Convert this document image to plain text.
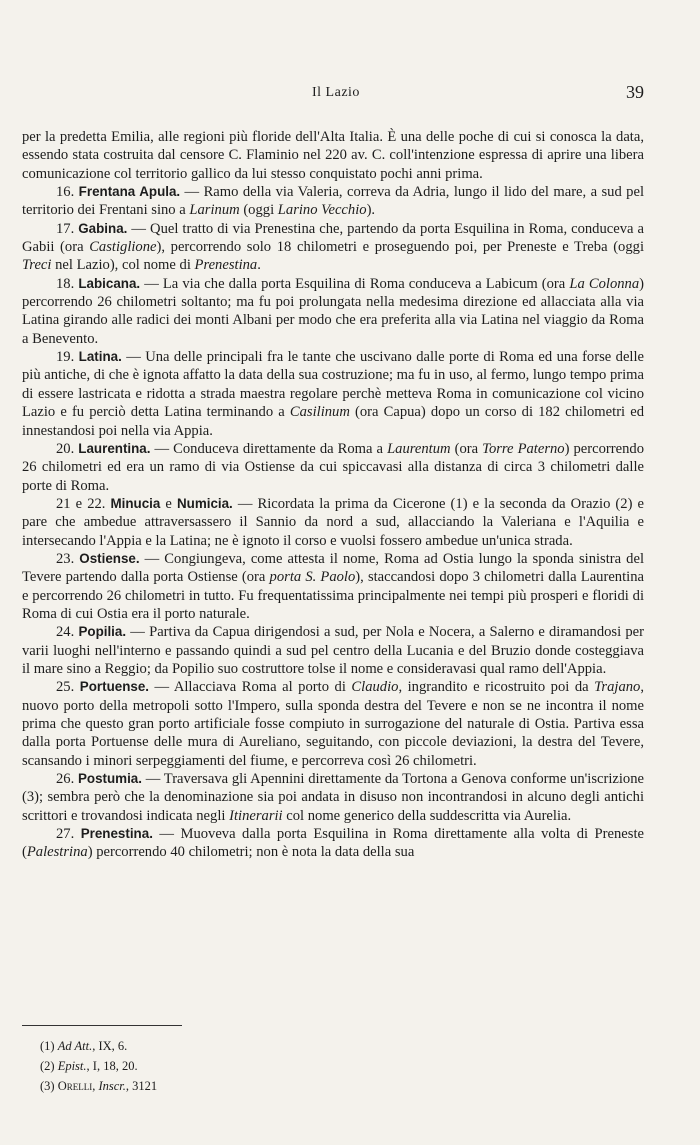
Il Lazio	39

per la predetta Emilia, alle regioni più floride dell'Alta Italia. È una delle poche di cui si conosca la data, essendo stata costruita dal censore C. Flaminio nel 220 av. C. coll'intenzione espressa di aprire una libera comunicazione col territorio gallico da lui stesso conquistato pochi anni prima.

16. Frentana Apula. — Ramo della via Valeria, correva da Adria, lungo il lido del mare, a sud pel territorio dei Frentani sino a Larinum (oggi Larino Vecchio).

17. Gabina. — Quel tratto di via Prenestina che, partendo da porta Esquilina in Roma, conduceva a Gabii (ora Castiglione), percorrendo solo 18 chilometri e proseguendo poi, per Preneste e Treba (oggi Treci nel Lazio), col nome di Prenestina.

18. Labicana. — La via che dalla porta Esquilina di Roma conduceva a Labicum (ora La Colonna) percorrendo 26 chilometri soltanto; ma fu poi prolungata nella medesima direzione ed allacciata alla via Latina girando alle radici dei monti Albani per modo che era preferita alla via Latina nel viaggio da Roma a Benevento.

19. Latina. — Una delle principali fra le tante che uscivano dalle porte di Roma ed una forse delle più antiche, di che è ignota affatto la data della sua costruzione; ma fu in uso, al fermo, lungo tempo prima di essere lastricata e ridotta a strada maestra regolare perchè metteva Roma in comunicazione col vicino Lazio e fu perciò detta Latina terminando a Casilinum (ora Capua) dopo un corso di 182 chilometri ed innestandosi poi nella via Appia.

20. Laurentina. — Conduceva direttamente da Roma a Laurentum (ora Torre Paterno) percorrendo 26 chilometri ed era un ramo di via Ostiense da cui spiccavasi alla distanza di circa 3 chilometri dalle porte di Roma.

21 e 22. Minucia e Numicia. — Ricordata la prima da Cicerone (1) e la seconda da Orazio (2) e pare che ambedue attraversassero il Sannio da nord a sud, allacciando la Valeriana e l'Aquilia e intersecando l'Appia e la Latina; ne è ignoto il corso e vuolsi fossero ambedue un'unica strada.

23. Ostiense. — Congiungeva, come attesta il nome, Roma ad Ostia lungo la sponda sinistra del Tevere partendo dalla porta Ostiense (ora porta S. Paolo), staccandosi dopo 3 chilometri dalla Laurentina e percorrendo 26 chilometri in tutto. Fu frequentatissima principalmente nei tempi più prosperi e floridi di Roma di cui Ostia era il porto naturale.

24. Popilia. — Partiva da Capua dirigendosi a sud, per Nola e Nocera, a Salerno e diramandosi per varii luoghi nell'interno e passando quindi a sud pel centro della Lucania e del Bruzio donde costeggiava il mare sino a Reggio; da Popilio suo costruttore tolse il nome e consideravasi qual ramo dell'Appia.

25. Portuense. — Allacciava Roma al porto di Claudio, ingrandito e ricostruito poi da Trajano, nuovo porto della metropoli sotto l'Impero, sulla sponda destra del Tevere e non se ne incontra il nome prima che questo gran porto artificiale fosse compiuto in surrogazione del naturale di Ostia. Partiva essa dalla porta Portuense delle mura di Aureliano, seguitando, con piccole deviazioni, la destra del Tevere, scansando i minori serpeggiamenti del fiume, e percorreva così 26 chilometri.

26. Postumia. — Traversava gli Apennini direttamente da Tortona a Genova conforme un'iscrizione (3); sembra però che la denominazione sia poi andata in disuso non incontrandosi in alcuno degli antichi scrittori e trovandosi indicata negli Itinerarii col nome generico della suddescritta via Aurelia.

27. Prenestina. — Muoveva dalla porta Esquilina in Roma direttamente alla volta di Preneste (Palestrina) percorrendo 40 chilometri; non è nota la data della sua

(1) Ad Att., IX, 6.

(2) Epist., I, 18, 20.

(3) Orelli, Inscr., 3121
